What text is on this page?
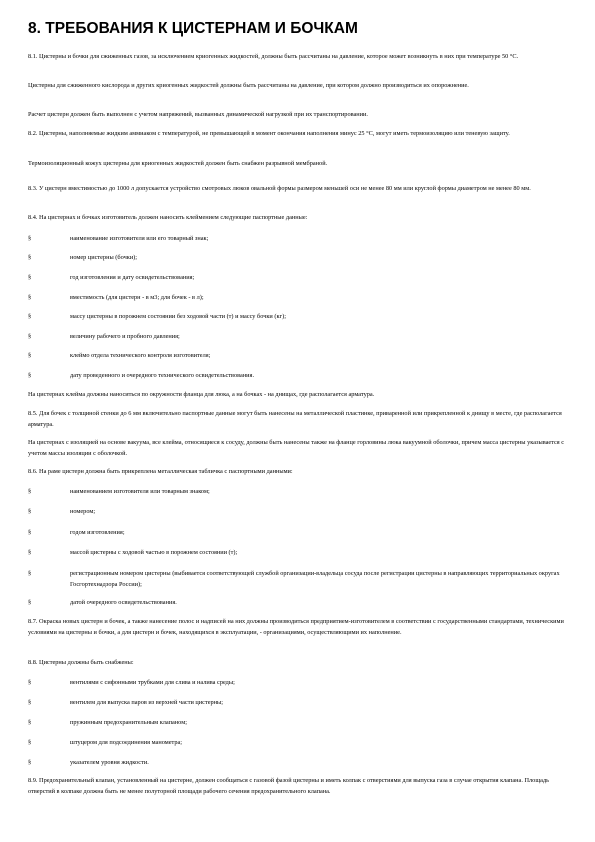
8. ТРЕБОВАНИЯ К ЦИСТЕРНАМ И БОЧКАМ
8.1. Цистерны и бочки для сжиженных газов, за исключением криогенных жидкостей, должны быть рассчитаны на давление, которое может возникнуть в них при температуре 50 °C.
Цистерны для сжиженного кислорода и других криогенных жидкостей должны быть рассчитаны на давление, при котором должно производиться их опорожнение.
Расчет цистерн должен быть выполнен с учетом напряжений, вызванных динамической нагрузкой при их транспортировании.
8.2. Цистерны, наполняемые жидким аммиаком с температурой, не превышающей в момент окончания наполнения минус 25 °C, могут иметь термоизоляцию или теневую защиту.
Термоизоляционный кожух цистерны для криогенных жидкостей должен быть снабжен разрывной мембраной.
8.3. У цистерн вместимостью до 1000 л допускается устройство смотровых люков овальной формы размером меньшей оси не менее 80 мм или круглой формы диаметром не менее 80 мм.
8.4. На цистернах и бочках изготовитель должен наносить клеймением следующие паспортные данные:
§	наименование изготовителя или его товарный знак;
§	номер цистерны (бочки);
§	год изготовления и дату освидетельствования;
§	вместимость (для цистерн - в м3; для бочек - в л);
§	массу цистерны в порожнем состоянии без ходовой части (т) и массу бочки (кг);
§	величину рабочего и пробного давления;
§	клеймо отдела технического контроля изготовителя;
§	дату проведенного и очередного технического освидетельствования.
На цистернах клейма должны наноситься по окружности фланца для люка, а на бочках - на днищах, где располагается арматура.
8.5. Для бочек с толщиной стенки до 6 мм включительно паспортные данные могут быть нанесены на металлической пластинке, приваренной или прикрепленной к днищу в месте, где располагается арматура.
На цистернах с изоляцией на основе вакуума, все клейма, относящиеся к сосуду, должны быть нанесены также на фланце горловины люка вакуумной оболочки, причем масса цистерны указывается с учетом массы изоляции с оболочкой.
8.6. На раме цистерн должна быть прикреплена металлическая табличка с паспортными данными:
§	наименованием изготовителя или товарным знаком;
§	номером;
§	годом изготовления;
§	массой цистерны с ходовой частью в порожнем состоянии (т);
§	регистрационным номером цистерны (выбивается соответствующей службой организации-владельца сосуда после регистрации цистерны в направляющих территориальных округах Госгортехнадзора России);
§	датой очередного освидетельствования.
8.7. Окраска новых цистерн и бочек, а также нанесение полос и надписей на них должны производиться предприятием-изготовителем в соответствии с государственными стандартами, техническими условиями на цистерны и бочки, а для цистерн и бочек, находящихся в эксплуатации, - организациями, осуществляющими их наполнение.
8.8. Цистерны должны быть снабжены:
§	вентилями с сифонными трубками для слива и налива среды;
§	вентилем для выпуска паров из верхней части цистерны;
§	пружинным предохранительным клапаном;
§	штуцером для подсоединения манометра;
§	указателем уровня жидкости.
8.9. Предохранительный клапан, установленный на цистерне, должен сообщаться с газовой фазой цистерны и иметь колпак с отверстиями для выпуска газа в случае открытия клапана. Площадь отверстий в колпаке должна быть не менее полуторной площади рабочего сечения предохранительного клапана.
